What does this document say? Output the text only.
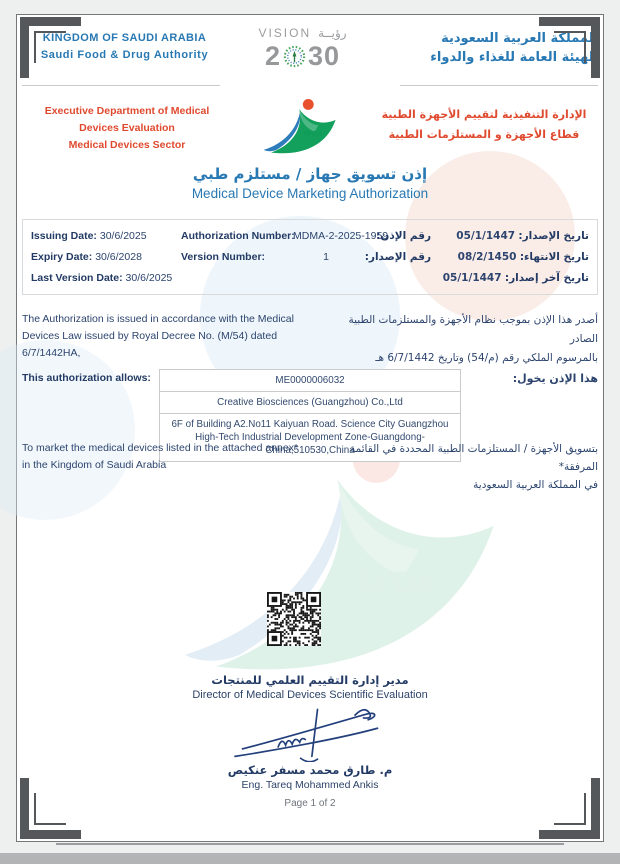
KINGDOM OF SAUDI ARABIA
Saudi Food & Drug Authority
VISION رؤيــة
2 30
المملكة العربية السعودية
الهيئة العامة للغذاء والدواء
Executive Department of Medical
Devices Evaluation
Medical Devices Sector
الإدارة التنفيذية لتقييم الأجهزة الطبية
قطاع الأجهزة و المستلزمات الطبية
إذن تسويق جهاز / مستلزم طبي
Medical Device Marketing Authorization
Issuing Date: 30/6/2025
Expiry Date: 30/6/2028
Last Version Date: 30/6/2025
Authorization Number:
MDMA-2-2025-1959
Version Number:	1
رقم الإذن:
رقم الإصدار:
تاريخ الإصدار: 05/1/1447
تاريخ الانتهاء: 08/2/1450
تاريخ آخر إصدار: 05/1/1447
The Authorization is issued in accordance with the Medical
Devices Law issued by Royal Decree No. (M/54) dated
6/7/1442HA,
أصدر هذا الإذن بموجب نظام الأجهزة والمستلزمات الطبية الصادر
بالمرسوم الملكي رقم (م/54) وتاريخ 6/7/1442 هـ
This authorization allows:	هذا الإذن يخول:
ME0000006032
Creative Biosciences (Guangzhou) Co.,Ltd
6F of Building A2.No11 Kaiyuan Road. Science City Guangzhou High-Tech Industrial Development Zone-Guangdong-China,510530,China
To market the medical devices listed in the attached annex*
in the Kingdom of Saudi Arabia
بتسويق الأجهزة / المستلزمات الطبية المحددة في القائمة المرفقة*
في المملكة العربية السعودية
مدير إدارة التقييم العلمي للمنتجات
Director of Medical Devices Scientific Evaluation
م. طارق محمد مسفر عنكيص
Eng. Tareq Mohammed Ankis
Page 1 of 2
